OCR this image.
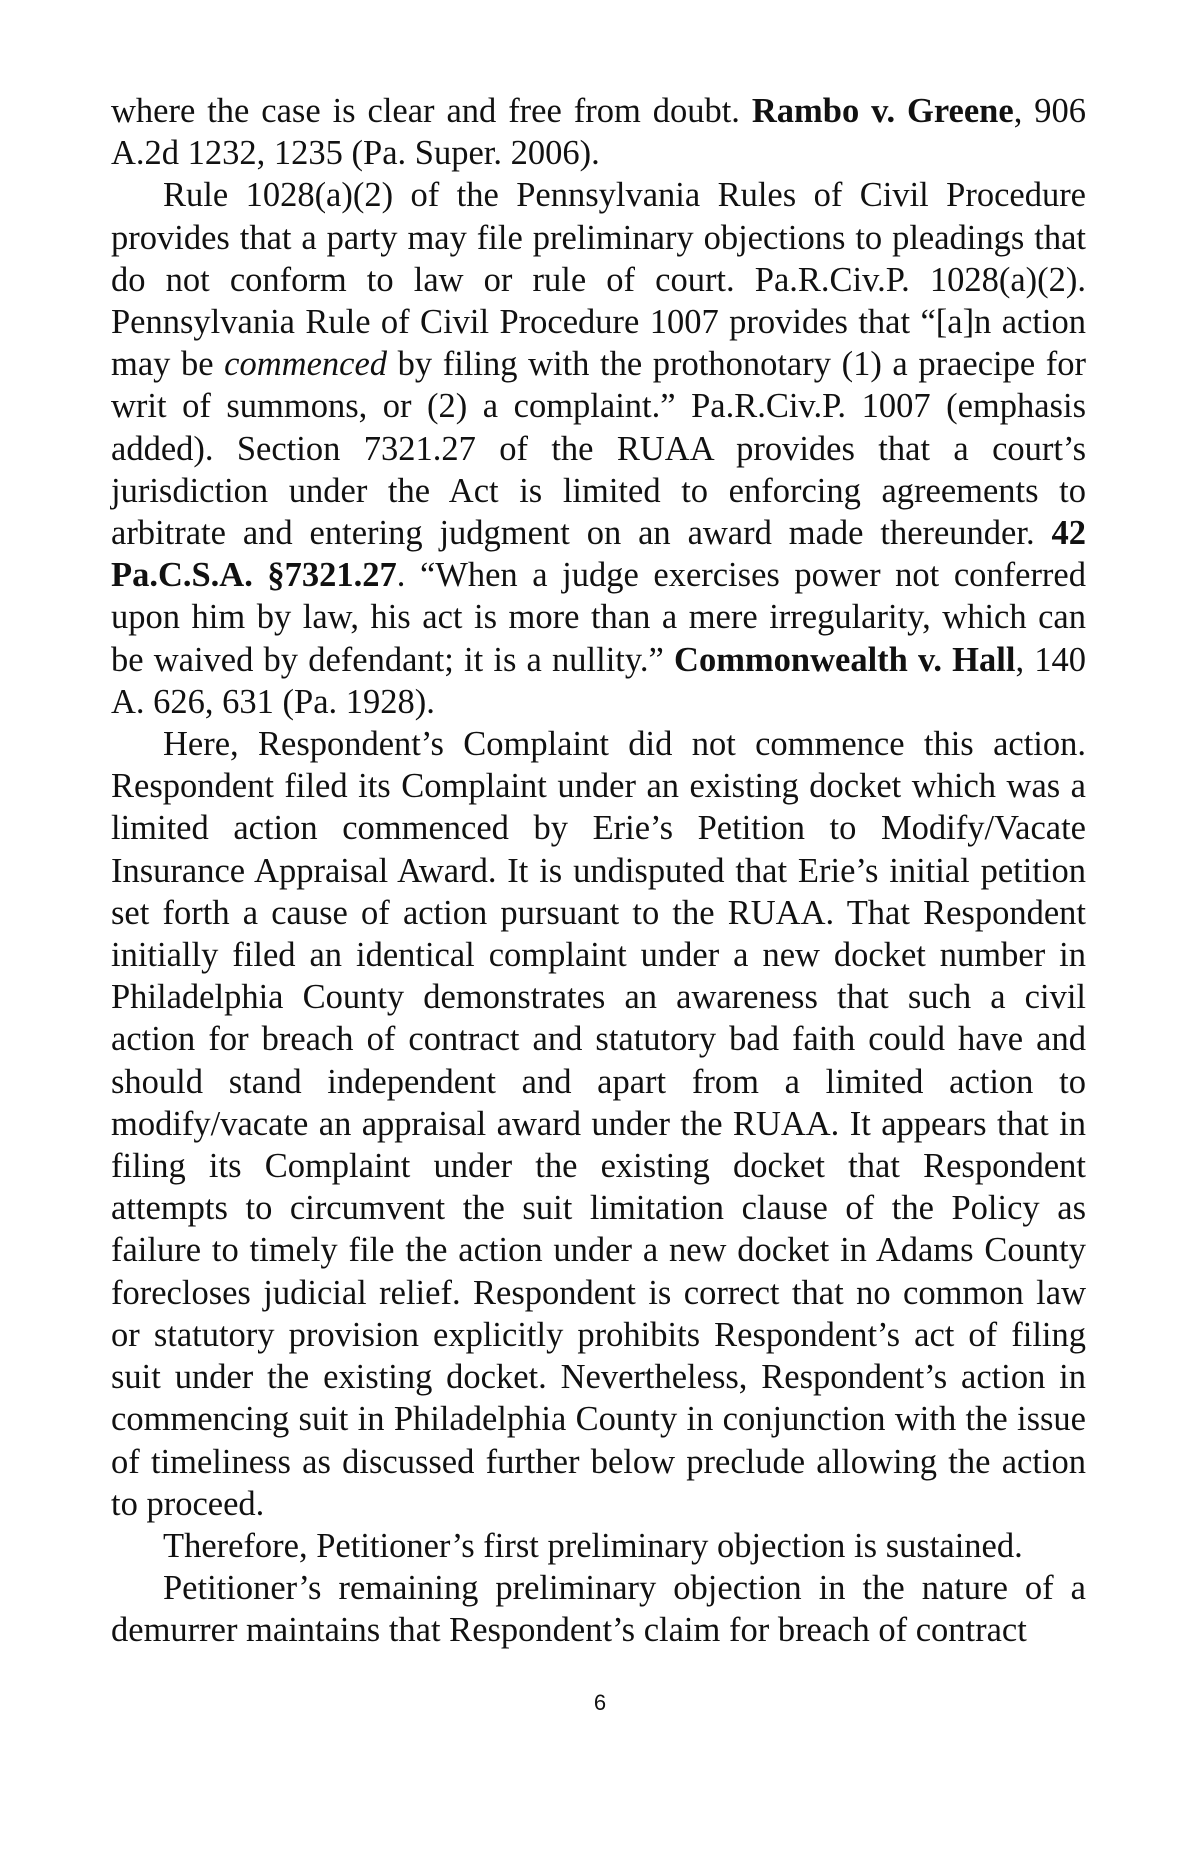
where the case is clear and free from doubt. Rambo v. Greene, 906 A.2d 1232, 1235 (Pa. Super. 2006).

Rule 1028(a)(2) of the Pennsylvania Rules of Civil Procedure provides that a party may file preliminary objections to pleadings that do not conform to law or rule of court. Pa.R.Civ.P. 1028(a)(2). Pennsylvania Rule of Civil Procedure 1007 provides that “[a]n action may be commenced by filing with the prothonotary (1) a praecipe for writ of summons, or (2) a complaint.” Pa.R.Civ.P. 1007 (emphasis added). Section 7321.27 of the RUAA provides that a court’s jurisdiction under the Act is limited to enforcing agreements to arbitrate and entering judgment on an award made thereunder. 42 Pa.C.S.A. §7321.27. “When a judge exercises power not conferred upon him by law, his act is more than a mere irregularity, which can be waived by defendant; it is a nullity.” Commonwealth v. Hall, 140 A. 626, 631 (Pa. 1928).

Here, Respondent’s Complaint did not commence this action. Respondent filed its Complaint under an existing docket which was a limited action commenced by Erie’s Petition to Modify/Vacate Insurance Appraisal Award. It is undisputed that Erie’s initial petition set forth a cause of action pursuant to the RUAA. That Respondent initially filed an identical complaint under a new docket number in Philadelphia County demonstrates an awareness that such a civil action for breach of contract and statutory bad faith could have and should stand independent and apart from a limited action to modify/vacate an appraisal award under the RUAA. It appears that in filing its Complaint under the existing docket that Respondent attempts to circumvent the suit limitation clause of the Policy as failure to timely file the action under a new docket in Adams County forecloses judicial relief. Respondent is correct that no common law or statutory provision explicitly prohibits Respondent’s act of filing suit under the existing docket. Nevertheless, Respondent’s action in commencing suit in Philadelphia County in conjunction with the issue of timeliness as discussed further below preclude allowing the action to proceed.

Therefore, Petitioner’s first preliminary objection is sustained.

Petitioner’s remaining preliminary objection in the nature of a demurrer maintains that Respondent’s claim for breach of contract

6
